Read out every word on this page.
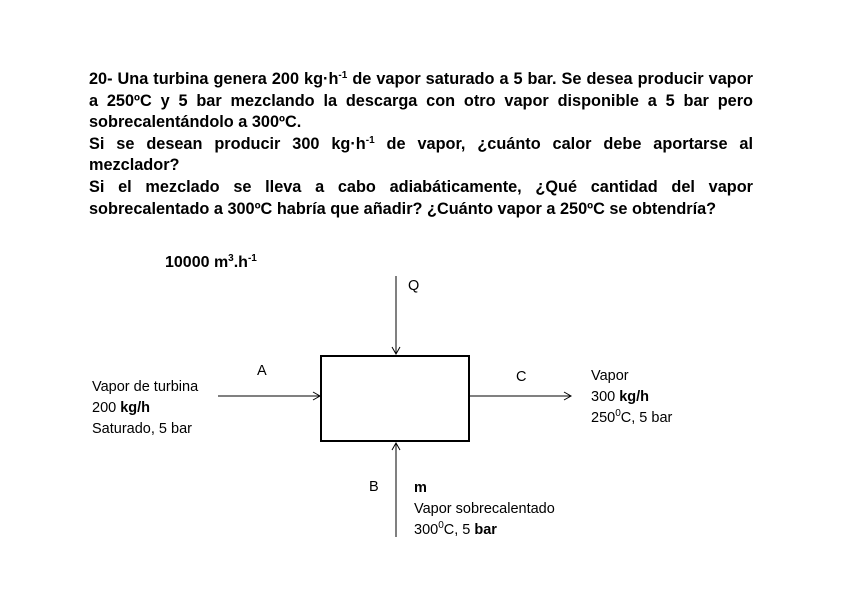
20- Una turbina genera 200 $kg\cdot h^{-1}$ de vapor saturado a 5 bar. Se desea producir vapor a 250ºC y 5 bar mezclando la descarga con otro vapor disponible a 5 bar pero sobrecalentándolo a 300ºC.

Si se desean producir 300 $kg\cdot h^{-1}$ de vapor, ¿cuánto calor debe aportarse al mezclador?

Si el mezclado se lleva a cabo adiabáticamente, ¿Qué cantidad del vapor sobrecalentado a 300ºC habría que añadir? ¿Cuánto vapor a 250ºC se obtendría?

10000 $m^3.h^{-1}$
Q
A	C
B
Vapor de turbina
200 kg/h
Saturado, 5 bar
Vapor
300 kg/h
$250^0C$, 5 bar
m
Vapor sobrecalentado
$300^0C$, 5 bar
